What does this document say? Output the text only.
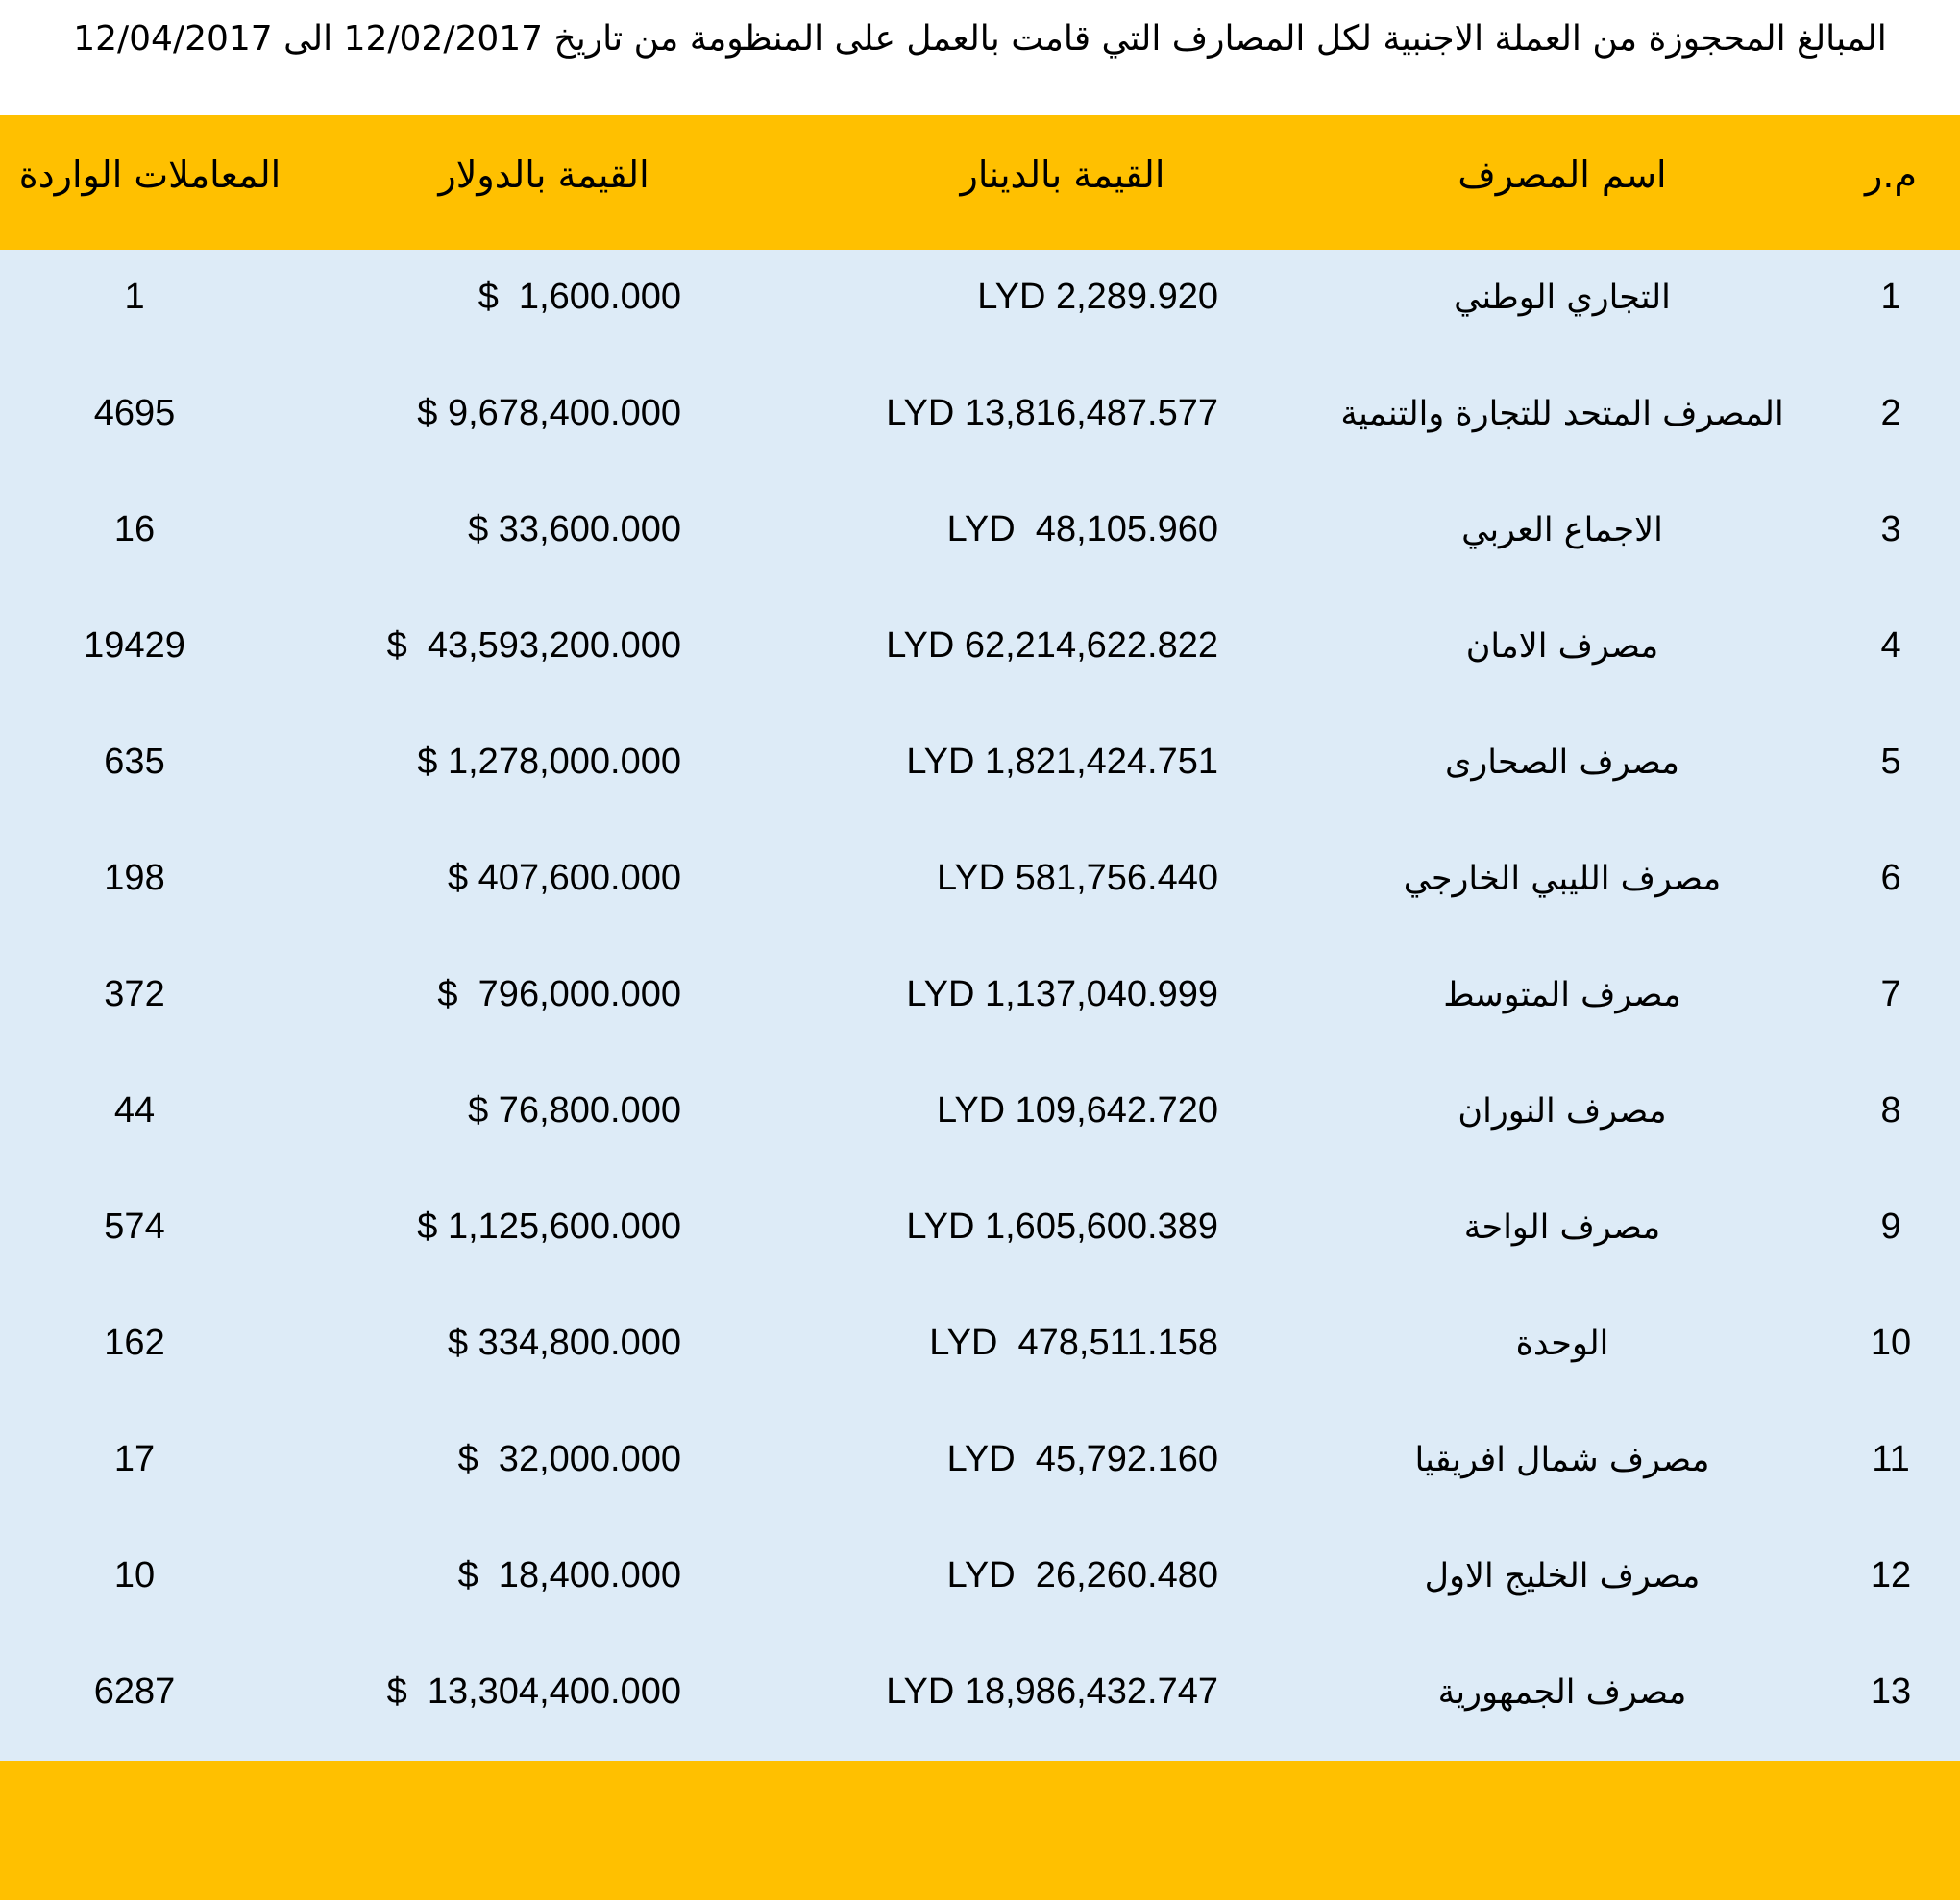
المبالغ المحجوزة من العملة الاجنبية لكل المصارف التي قامت بالعمل على المنظومة من تاريخ 12/02/2017 الى 12/04/2017
ر.م
اسم المصرف
القيمة بالدينار
القيمة بالدولار
المعاملات الواردة
1
التجاري الوطني
LYD 2,289.920
$  1,600.000
1
2
المصرف المتحد للتجارة والتنمية
LYD 13,816,487.577
$ 9,678,400.000
4695
3
الاجماع العربي
LYD  48,105.960
$ 33,600.000
16
4
مصرف الامان
LYD 62,214,622.822
$  43,593,200.000
19429
5
مصرف الصحارى
LYD 1,821,424.751
$ 1,278,000.000
635
6
مصرف الليبي الخارجي
LYD 581,756.440
$ 407,600.000
198
7
مصرف المتوسط
LYD 1,137,040.999
$  796,000.000
372
8
مصرف النوران
LYD 109,642.720
$ 76,800.000
44
9
مصرف الواحة
LYD 1,605,600.389
$ 1,125,600.000
574
10
الوحدة
LYD  478,511.158
$ 334,800.000
162
11
مصرف شمال افريقيا
LYD  45,792.160
$  32,000.000
17
12
مصرف الخليج الاول
LYD  26,260.480
$  18,400.000
10
13
مصرف الجمهورية
LYD 18,986,432.747
$  13,304,400.000
6287
